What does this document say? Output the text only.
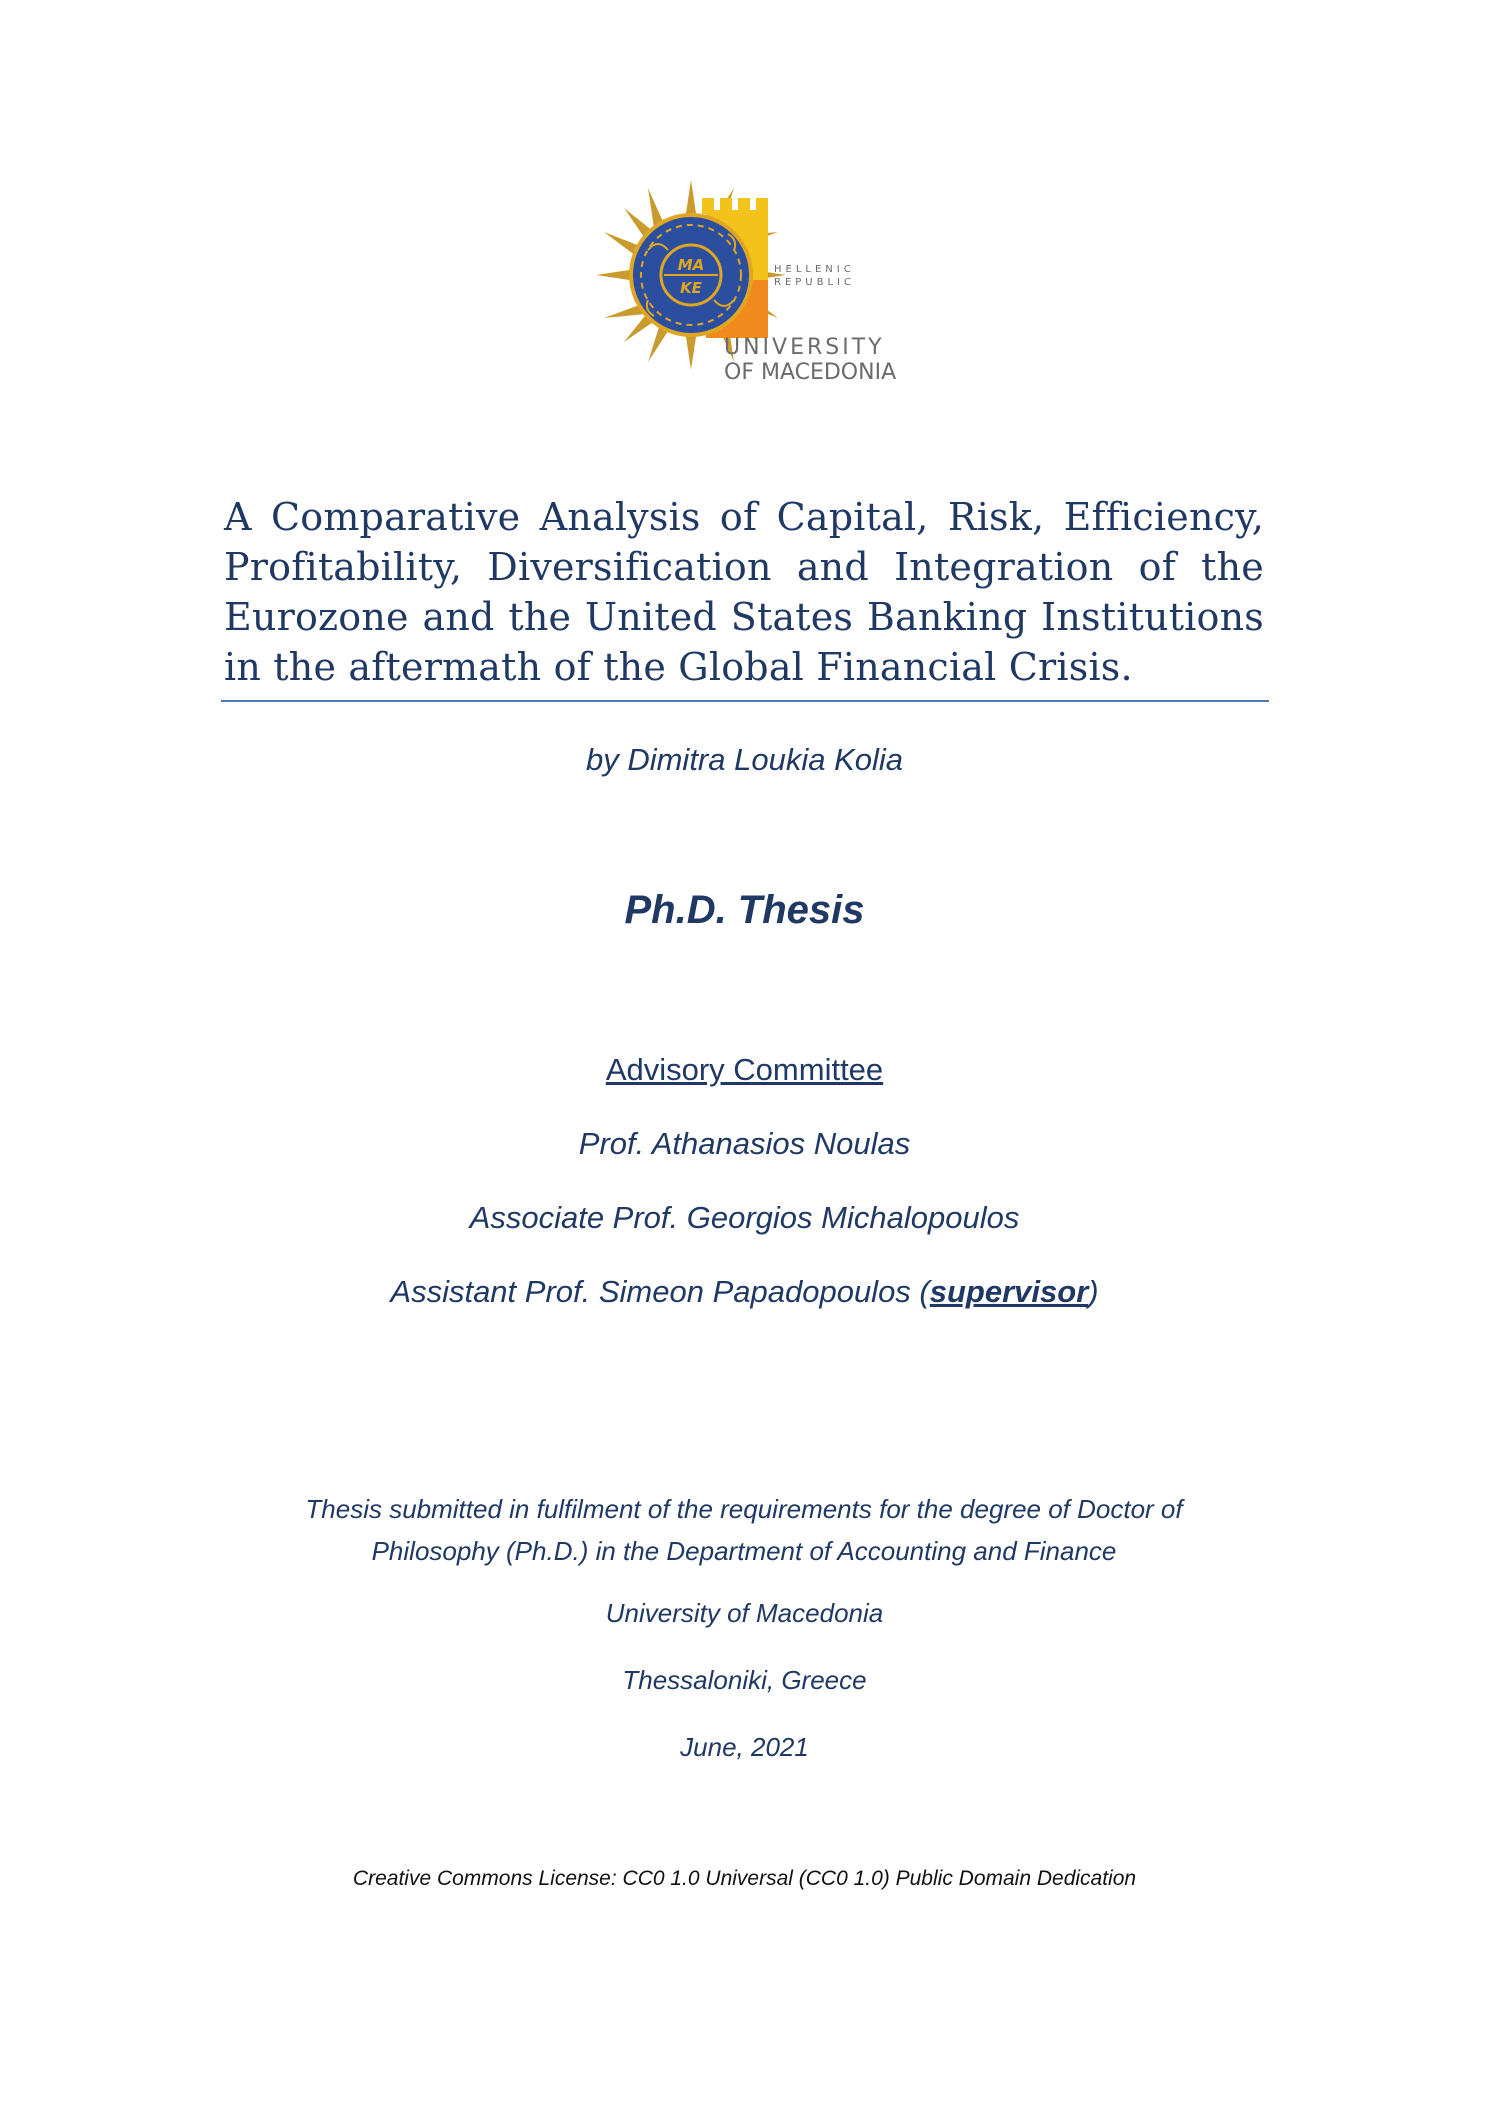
ΜΑ
ΚΕ
HELLENIC
REPUBLIC
UNIVERSITY
OF MACEDONIA
A Comparative Analysis of Capital, Risk, Efficiency, Profitability, Diversification and Integration of the Eurozone and the United States Banking Institutions in the aftermath of the Global Financial Crisis.
by Dimitra Loukia Kolia
Ph.D. Thesis
Advisory Committee
Prof. Athanasios Noulas
Associate Prof. Georgios Michalopoulos
Assistant Prof. Simeon Papadopoulos (supervisor)
Thesis submitted in fulfilment of the requirements for the degree of Doctor of
Philosophy (Ph.D.) in the Department of Accounting and Finance
University of Macedonia
Thessaloniki, Greece
June, 2021
Creative Commons License: CC0 1.0 Universal (CC0 1.0) Public Domain Dedication
